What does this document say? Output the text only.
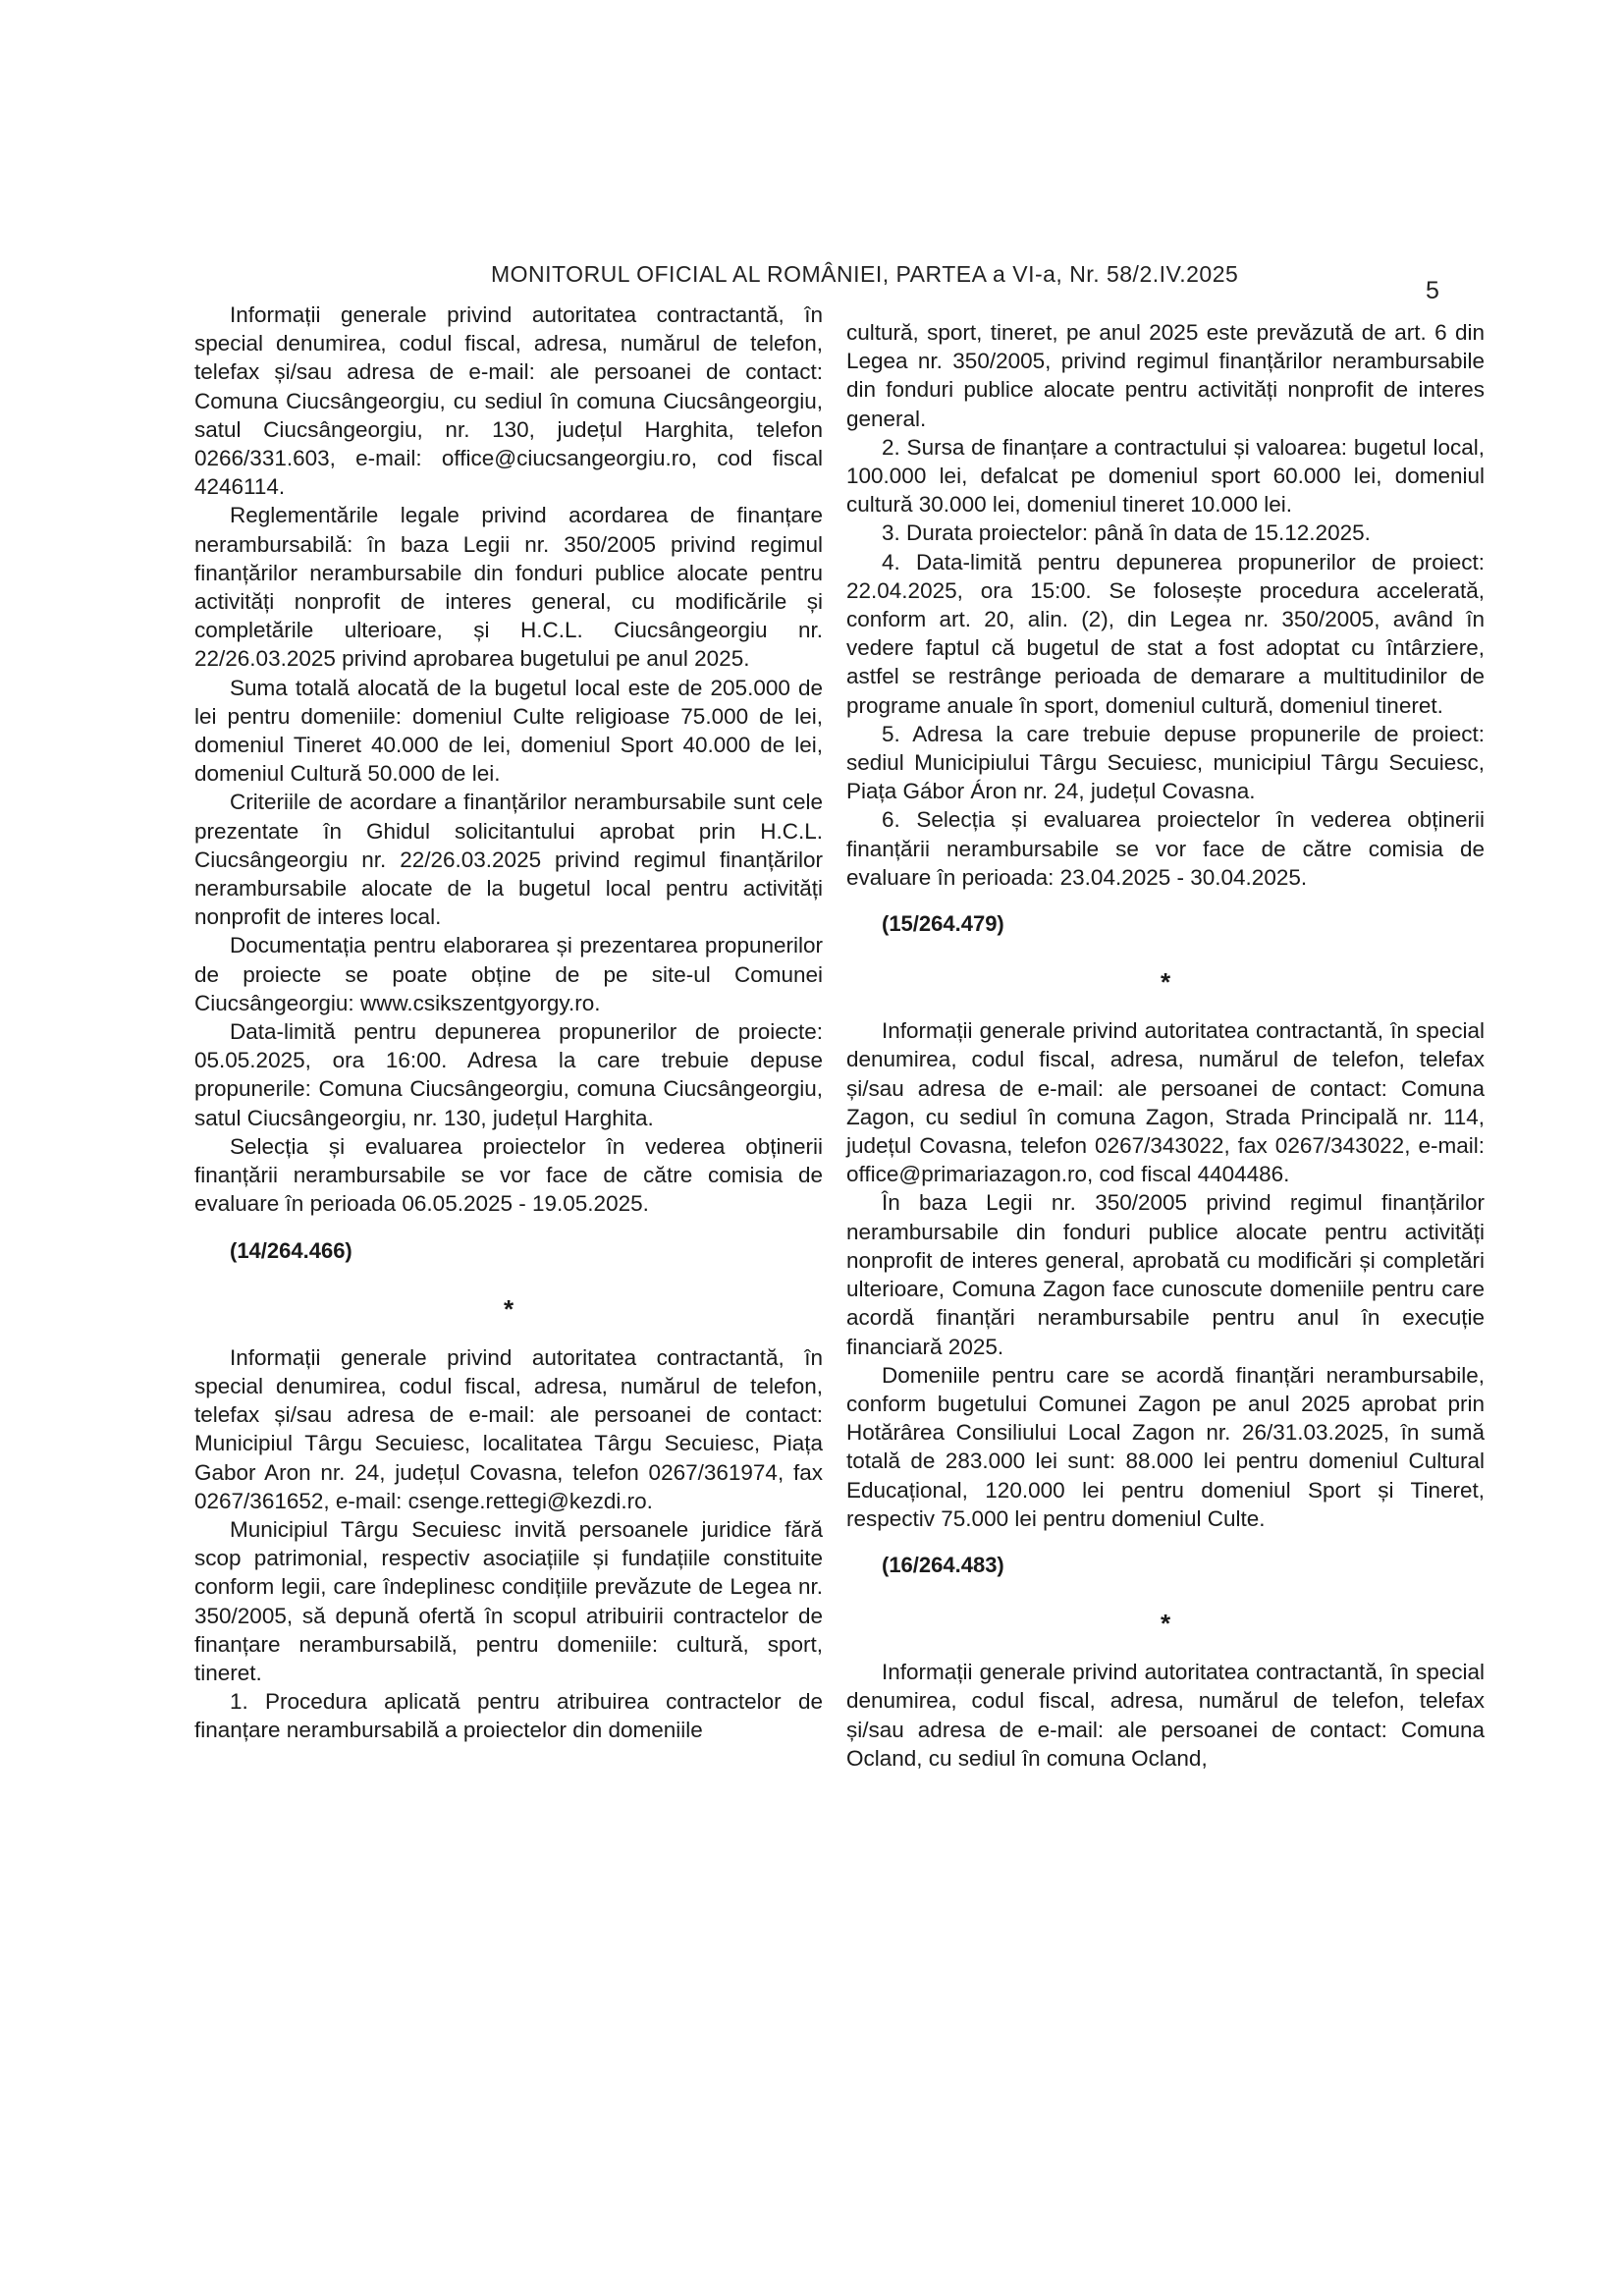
MONITORUL OFICIAL AL ROMÂNIEI, PARTEA a VI-a, Nr. 58/2.IV.2025
5

Informații generale privind autoritatea contractantă, în special denumirea, codul fiscal, adresa, numărul de telefon, telefax și/sau adresa de e-mail: ale persoanei de contact: Comuna Ciucsângeorgiu, cu sediul în comuna Ciucsângeorgiu, satul Ciucsângeorgiu, nr. 130, județul Harghita, telefon 0266/331.603, e-mail: office@ciucsangeorgiu.ro, cod fiscal 4246114.

Reglementările legale privind acordarea de finanțare nerambursabilă: în baza Legii nr. 350/2005 privind regimul finanțărilor nerambursabile din fonduri publice alocate pentru activități nonprofit de interes general, cu modificările și completările ulterioare, și H.C.L. Ciucsângeorgiu nr. 22/26.03.2025 privind aprobarea bugetului pe anul 2025.

Suma totală alocată de la bugetul local este de 205.000 de lei pentru domeniile: domeniul Culte religioase 75.000 de lei, domeniul Tineret 40.000 de lei, domeniul Sport 40.000 de lei, domeniul Cultură 50.000 de lei.

Criteriile de acordare a finanțărilor nerambursabile sunt cele prezentate în Ghidul solicitantului aprobat prin H.C.L. Ciucsângeorgiu nr. 22/26.03.2025 privind regimul finanțărilor nerambursabile alocate de la bugetul local pentru activități nonprofit de interes local.

Documentația pentru elaborarea și prezentarea propunerilor de proiecte se poate obține de pe site-ul Comunei Ciucsângeorgiu: www.csikszentgyorgy.ro.

Data-limită pentru depunerea propunerilor de proiecte: 05.05.2025, ora 16:00. Adresa la care trebuie depuse propunerile: Comuna Ciucsângeorgiu, comuna Ciucsângeorgiu, satul Ciucsângeorgiu, nr. 130, județul Harghita.

Selecția și evaluarea proiectelor în vederea obținerii finanțării nerambursabile se vor face de către comisia de evaluare în perioada 06.05.2025 - 19.05.2025.

(14/264.466)
*

Informații generale privind autoritatea contractantă, în special denumirea, codul fiscal, adresa, numărul de telefon, telefax și/sau adresa de e-mail: ale persoanei de contact: Municipiul Târgu Secuiesc, localitatea Târgu Secuiesc, Piața Gabor Aron nr. 24, județul Covasna, telefon 0267/361974, fax 0267/361652, e-mail: csenge.rettegi@kezdi.ro.

Municipiul Târgu Secuiesc invită persoanele juridice fără scop patrimonial, respectiv asociațiile și fundațiile constituite conform legii, care îndeplinesc condițiile prevăzute de Legea nr. 350/2005, să depună ofertă în scopul atribuirii contractelor de finanțare nerambursabilă, pentru domeniile: cultură, sport, tineret.

1. Procedura aplicată pentru atribuirea contractelor de finanțare nerambursabilă a proiectelor din domeniile

cultură, sport, tineret, pe anul 2025 este prevăzută de art. 6 din Legea nr. 350/2005, privind regimul finanțărilor nerambursabile din fonduri publice alocate pentru activități nonprofit de interes general.

2. Sursa de finanțare a contractului și valoarea: bugetul local, 100.000 lei, defalcat pe domeniul sport 60.000 lei, domeniul cultură 30.000 lei, domeniul tineret 10.000 lei.

3. Durata proiectelor: până în data de 15.12.2025.

4. Data-limită pentru depunerea propunerilor de proiect: 22.04.2025, ora 15:00. Se folosește procedura accelerată, conform art. 20, alin. (2), din Legea nr. 350/2005, având în vedere faptul că bugetul de stat a fost adoptat cu întârziere, astfel se restrânge perioada de demarare a multitudinilor de programe anuale în sport, domeniul cultură, domeniul tineret.

5. Adresa la care trebuie depuse propunerile de proiect: sediul Municipiului Târgu Secuiesc, municipiul Târgu Secuiesc, Piața Gábor Áron nr. 24, județul Covasna.

6. Selecția și evaluarea proiectelor în vederea obținerii finanțării nerambursabile se vor face de către comisia de evaluare în perioada: 23.04.2025 - 30.04.2025.

(15/264.479)
*

Informații generale privind autoritatea contractantă, în special denumirea, codul fiscal, adresa, numărul de telefon, telefax și/sau adresa de e-mail: ale persoanei de contact: Comuna Zagon, cu sediul în comuna Zagon, Strada Principală nr. 114, județul Covasna, telefon 0267/343022, fax 0267/343022, e-mail: office@primariazagon.ro, cod fiscal 4404486.

În baza Legii nr. 350/2005 privind regimul finanțărilor nerambursabile din fonduri publice alocate pentru activități nonprofit de interes general, aprobată cu modificări și completări ulterioare, Comuna Zagon face cunoscute domeniile pentru care acordă finanțări nerambursabile pentru anul în execuție financiară 2025.

Domeniile pentru care se acordă finanțări nerambursabile, conform bugetului Comunei Zagon pe anul 2025 aprobat prin Hotărârea Consiliului Local Zagon nr. 26/31.03.2025, în sumă totală de 283.000 lei sunt: 88.000 lei pentru domeniul Cultural Educațional, 120.000 lei pentru domeniul Sport și Tineret, respectiv 75.000 lei pentru domeniul Culte.

(16/264.483)
*

Informații generale privind autoritatea contractantă, în special denumirea, codul fiscal, adresa, numărul de telefon, telefax și/sau adresa de e-mail: ale persoanei de contact: Comuna Ocland, cu sediul în comuna Ocland,
